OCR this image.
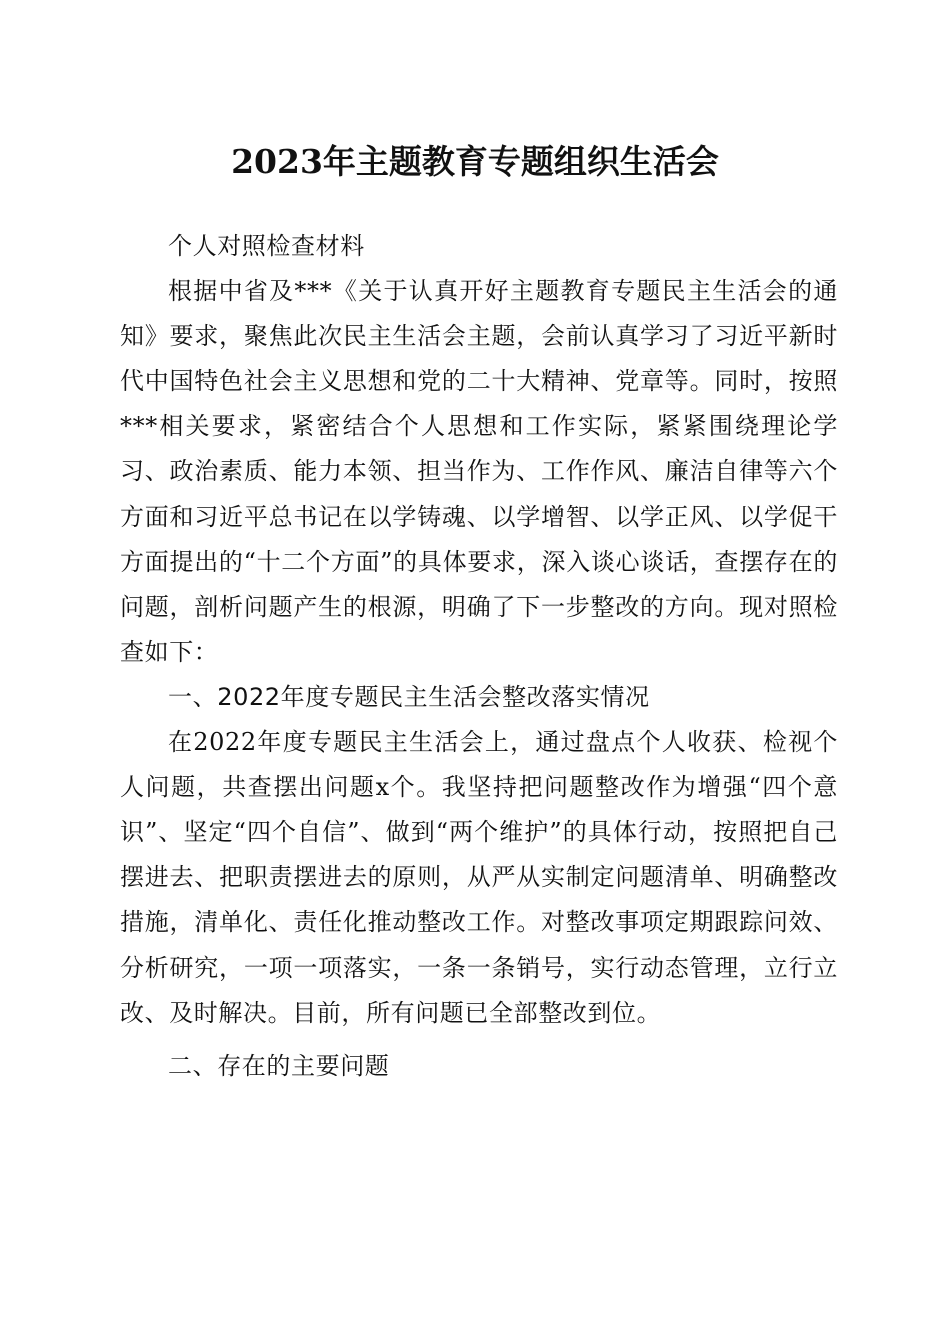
2023年主题教育专题组织生活会

个人对照检查材料

根据中省及***《关于认真开好主题教育专题民主生活会的通知》要求，聚焦此次民主生活会主题，会前认真学习了习近平新时代中国特色社会主义思想和党的二十大精神、党章等。同时，按照***相关要求，紧密结合个人思想和工作实际，紧紧围绕理论学习、政治素质、能力本领、担当作为、工作作风、廉洁自律等六个方面和习近平总书记在以学铸魂、以学增智、以学正风、以学促干方面提出的“十二个方面”的具体要求，深入谈心谈话，查摆存在的问题，剖析问题产生的根源，明确了下一步整改的方向。现对照检查如下：

一、2022年度专题民主生活会整改落实情况

在2022年度专题民主生活会上，通过盘点个人收获、检视个人问题，共查摆出问题x个。我坚持把问题整改作为增强“四个意识”、坚定“四个自信”、做到“两个维护”的具体行动，按照把自己摆进去、把职责摆进去的原则，从严从实制定问题清单、明确整改措施，清单化、责任化推动整改工作。对整改事项定期跟踪问效、分析研究，一项一项落实，一条一条销号，实行动态管理，立行立改、及时解决。目前，所有问题已全部整改到位。

二、存在的主要问题
